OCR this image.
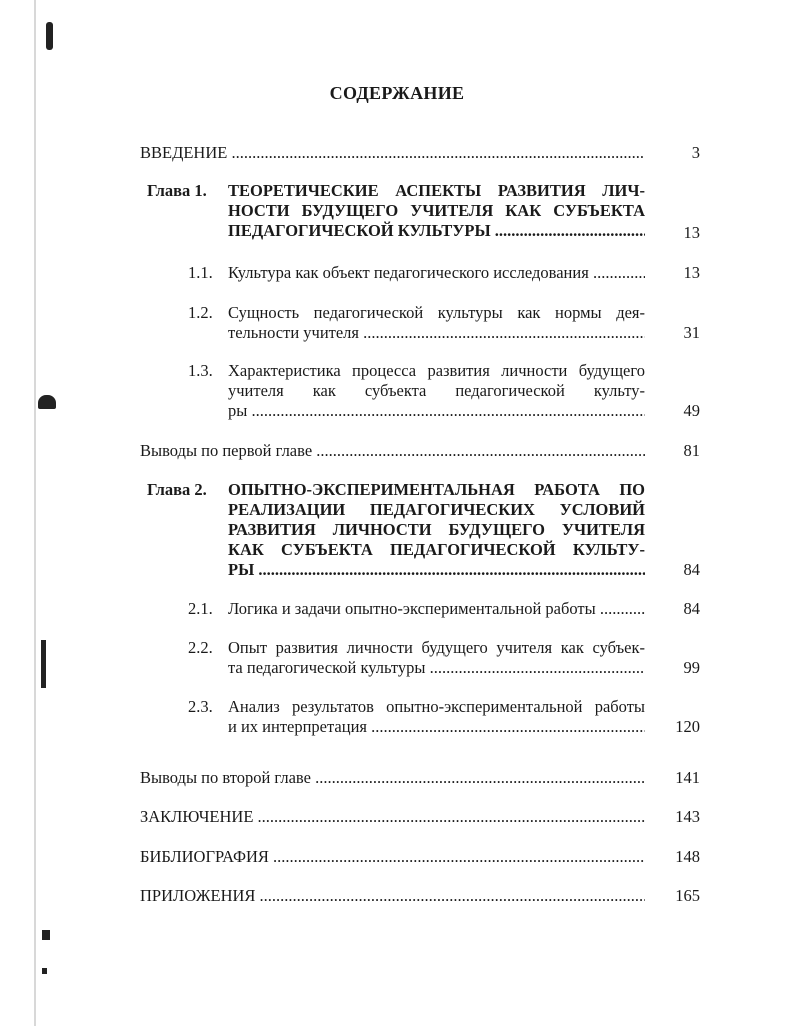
СОДЕРЖАНИЕ
ВВЕДЕНИЕ .....	3
Глава 1. ТЕОРЕТИЧЕСКИЕ АСПЕКТЫ РАЗВИТИЯ ЛИЧ-
НОСТИ БУДУЩЕГО УЧИТЕЛЯ КАК СУБЪЕКТА
ПЕДАГОГИЧЕСКОЙ КУЛЬТУРЫ .....	13
1.1. Культура как объект педагогического исследования .....	13
1.2. Сущность педагогической культуры как нормы дея-
тельности учителя .....	31
1.3. Характеристика процесса развития личности будущего
учителя как субъекта педагогической культу-
ры .....	49
Выводы по первой главе .....	81
Глава 2. ОПЫТНО-ЭКСПЕРИМЕНТАЛЬНАЯ РАБОТА ПО
РЕАЛИЗАЦИИ ПЕДАГОГИЧЕСКИХ УСЛОВИЙ
РАЗВИТИЯ ЛИЧНОСТИ БУДУЩЕГО УЧИТЕЛЯ
КАК СУБЪЕКТА ПЕДАГОГИЧЕСКОЙ КУЛЬТУ-
РЫ .....	84
2.1. Логика и задачи опытно-экспериментальной работы .....	84
2.2. Опыт развития личности будущего учителя как субъек-
та педагогической культуры .....	99
2.3. Анализ результатов опытно-экспериментальной работы
и их интерпретация .....	120
Выводы по второй главе .....	141
ЗАКЛЮЧЕНИЕ .....	143
БИБЛИОГРАФИЯ .....	148
ПРИЛОЖЕНИЯ .....	165
